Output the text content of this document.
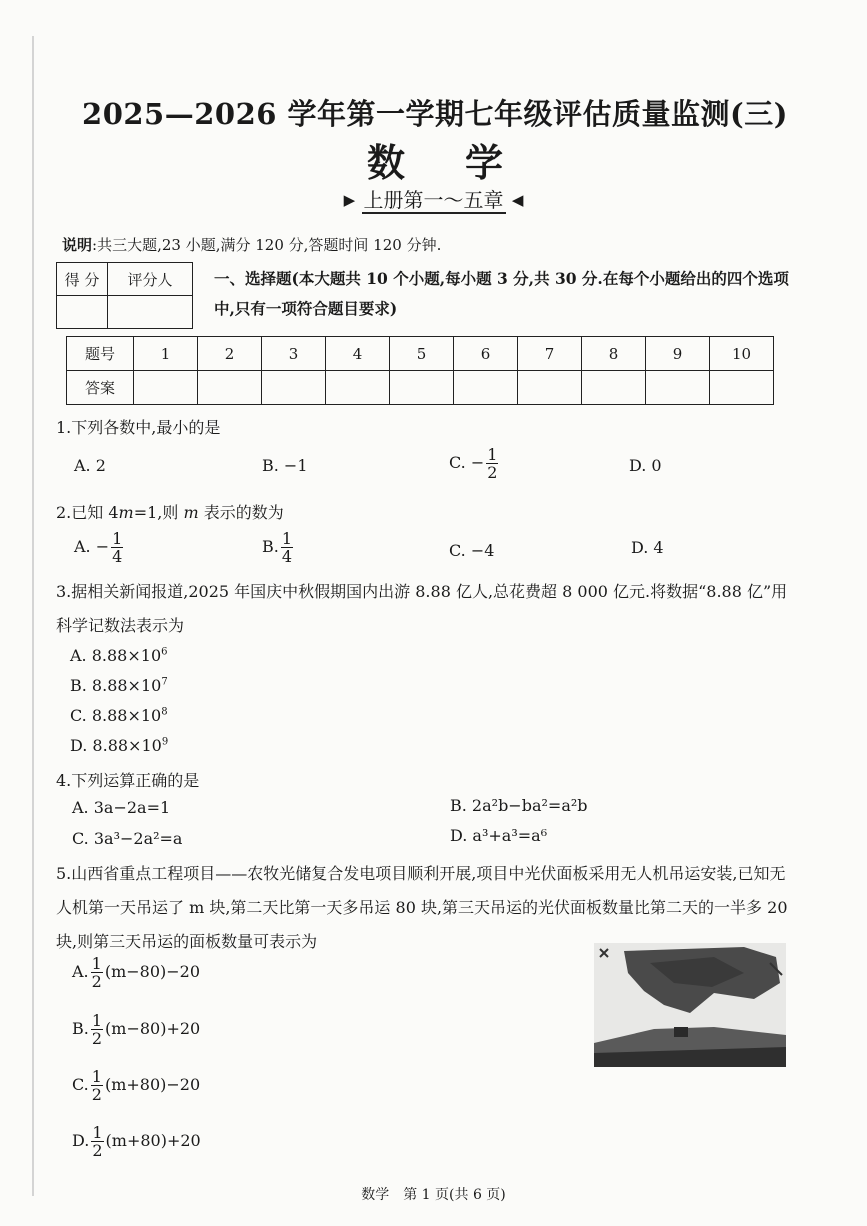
2025—2026 学年第一学期七年级评估质量监测(三)
数学
▶ 上册第一～五章 ◀
说明:共三大题,23 小题,满分 120 分,答题时间 120 分钟.
得 分	评分人
		一、选择题(本大题共 10 个小题,每小题 3 分,共 30 分.在每个小题给出的四个选项中,只有一项符合题目要求)
题号	1	2	3	4	5	6	7	8	9	10
答案										
1.下列各数中,最小的是
A. 2	B. −1	C. − $\frac{1}{2}$	D. 0
2.已知 4m=1,则 m 表示的数为
A. − $\frac{1}{4}$	B. $\frac{1}{4}$	C. −4	D. 4
3.据相关新闻报道,2025 年国庆中秋假期国内出游 8.88 亿人,总花费超 8 000 亿元.将数据“8.88 亿”用科学记数法表示为
A. $8.88\times 10^6$
B. $8.88\times 10^7$
C. $8.88\times 10^8$
D. $8.88\times 10^9$
4.下列运算正确的是
A. 3a−2a=1	B. 2a²b−ba²=a²b
C. 3a³−2a²=a	D. a³+a³=a⁶
5.山西省重点工程项目——农牧光储复合发电项目顺利开展,项目中光伏面板采用无人机吊运安装,已知无人机第一天吊运了 m 块,第二天比第一天多吊运 80 块,第三天吊运的光伏面板数量比第二天的一半多 20 块,则第三天吊运的面板数量可表示为
A. $\frac{1}{2} (m-80)-20$
B. $\frac{1}{2} (m-80)+20$
C. $\frac{1}{2} (m+80)-20$
D. $\frac{1}{2} (m+80)+20$
数学　第 1 页(共 6 页)
